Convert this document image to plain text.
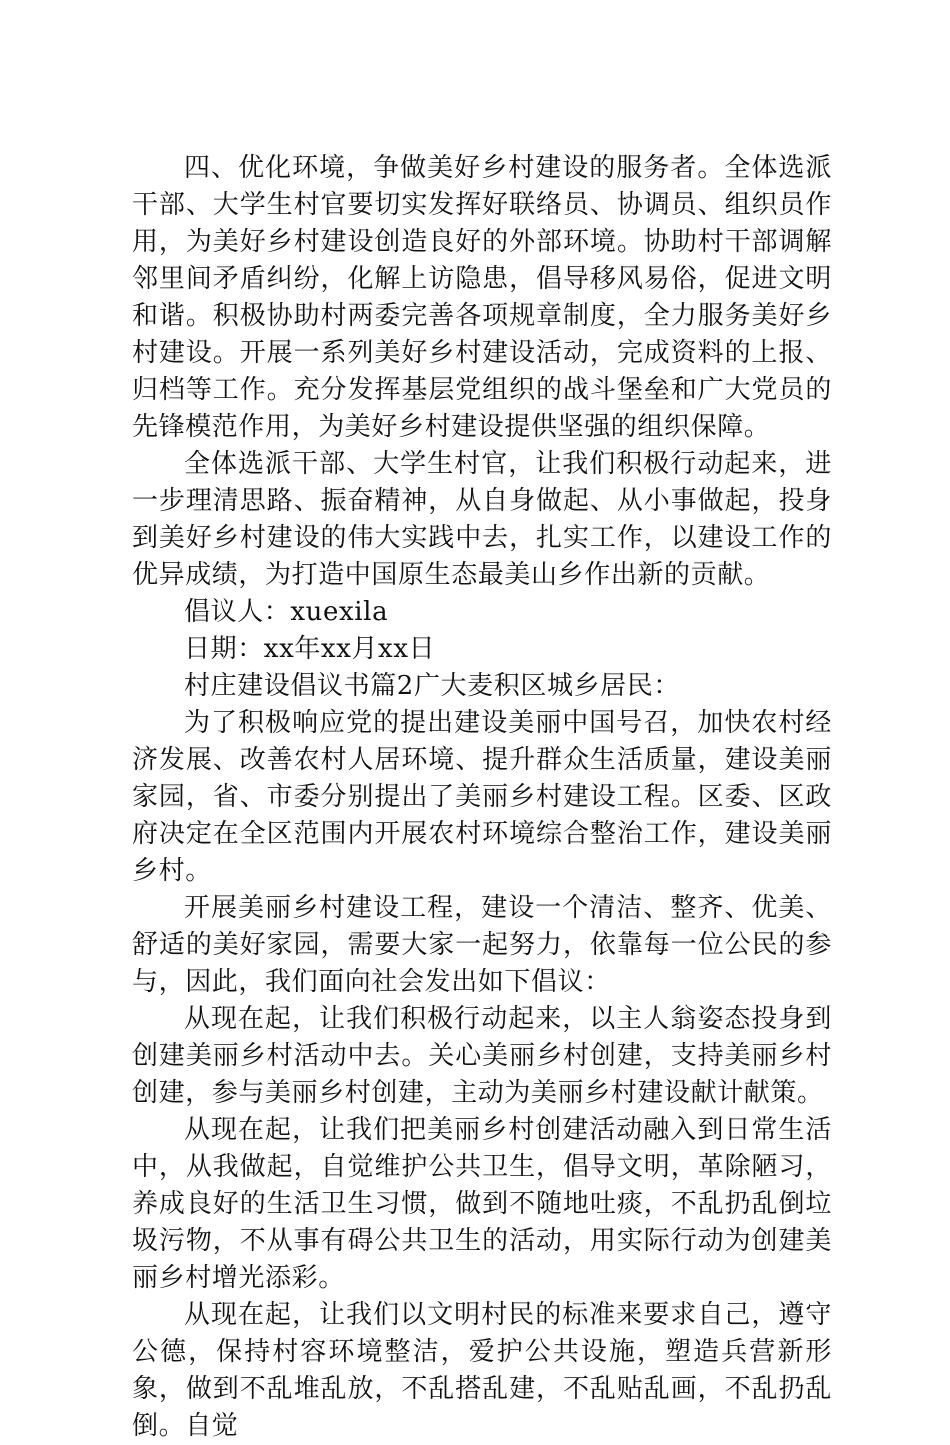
四、优化环境，争做美好乡村建设的服务者。全体选派干部、大学生村官要切实发挥好联络员、协调员、组织员作用，为美好乡村建设创造良好的外部环境。协助村干部调解邻里间矛盾纠纷，化解上访隐患，倡导移风易俗，促进文明和谐。积极协助村两委完善各项规章制度，全力服务美好乡村建设。开展一系列美好乡村建设活动，完成资料的上报、归档等工作。充分发挥基层党组织的战斗堡垒和广大党员的先锋模范作用，为美好乡村建设提供坚强的组织保障。

全体选派干部、大学生村官，让我们积极行动起来，进一步理清思路、振奋精神，从自身做起、从小事做起，投身到美好乡村建设的伟大实践中去，扎实工作，以建设工作的优异成绩，为打造中国原生态最美山乡作出新的贡献。

倡议人：xuexila

日期：xx年xx月xx日

村庄建设倡议书篇2广大麦积区城乡居民：

为了积极响应党的提出建设美丽中国号召，加快农村经济发展、改善农村人居环境、提升群众生活质量，建设美丽家园，省、市委分别提出了美丽乡村建设工程。区委、区政府决定在全区范围内开展农村环境综合整治工作，建设美丽乡村。

开展美丽乡村建设工程，建设一个清洁、整齐、优美、舒适的美好家园，需要大家一起努力，依靠每一位公民的参与，因此，我们面向社会发出如下倡议：

从现在起，让我们积极行动起来，以主人翁姿态投身到创建美丽乡村活动中去。关心美丽乡村创建，支持美丽乡村创建，参与美丽乡村创建，主动为美丽乡村建设献计献策。

从现在起，让我们把美丽乡村创建活动融入到日常生活中，从我做起，自觉维护公共卫生，倡导文明，革除陋习，养成良好的生活卫生习惯，做到不随地吐痰，不乱扔乱倒垃圾污物，不从事有碍公共卫生的活动，用实际行动为创建美丽乡村增光添彩。

从现在起，让我们以文明村民的标准来要求自己，遵守公德，保持村容环境整洁，爱护公共设施，塑造兵营新形象，做到不乱堆乱放，不乱搭乱建，不乱贴乱画，不乱扔乱倒。自觉
